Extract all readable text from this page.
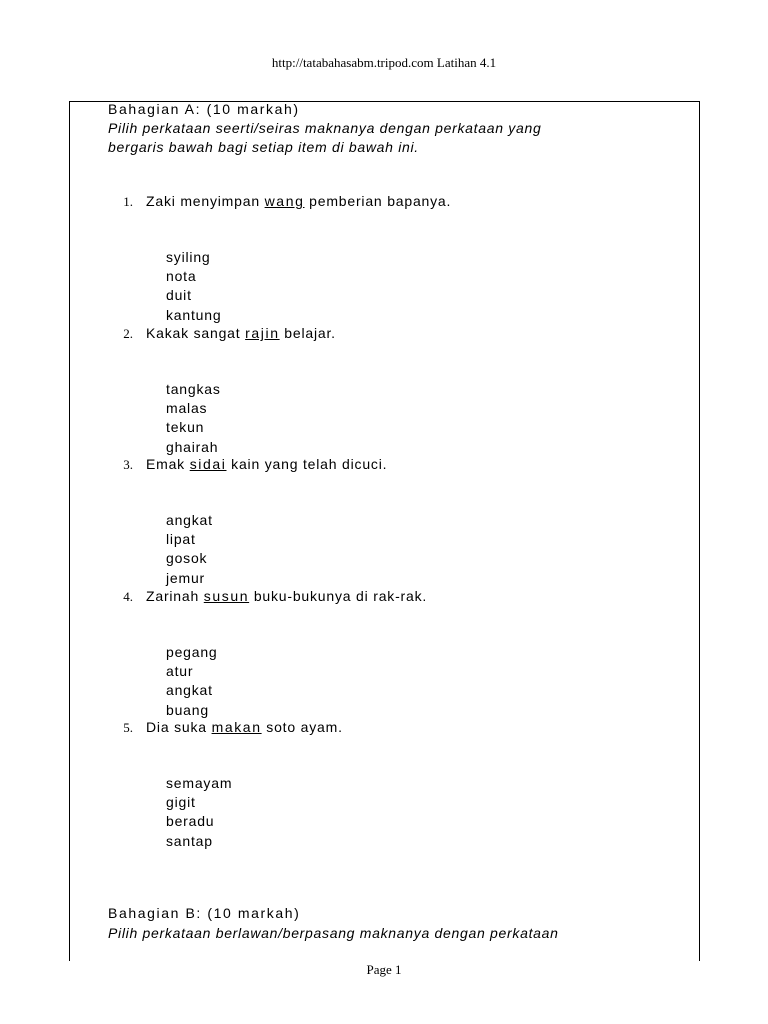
http://tatabahasabm.tripod.com Latihan 4.1
Bahagian A: (10 markah)
Pilih perkataan seerti/seiras maknanya dengan perkataan yang
bergaris bawah bagi setiap item di bawah ini.
1. Zaki menyimpan wang pemberian bapanya.
syiling
nota
duit
kantung
2. Kakak sangat rajin belajar.
tangkas
malas
tekun
ghairah
3. Emak sidai kain yang telah dicuci.
angkat
lipat
gosok
jemur
4. Zarinah susun buku-bukunya di rak-rak.
pegang
atur
angkat
buang
5. Dia suka makan soto ayam.
semayam
gigit
beradu
santap
Bahagian B: (10 markah)
Pilih perkataan berlawan/berpasang maknanya dengan perkataan
Page 1
